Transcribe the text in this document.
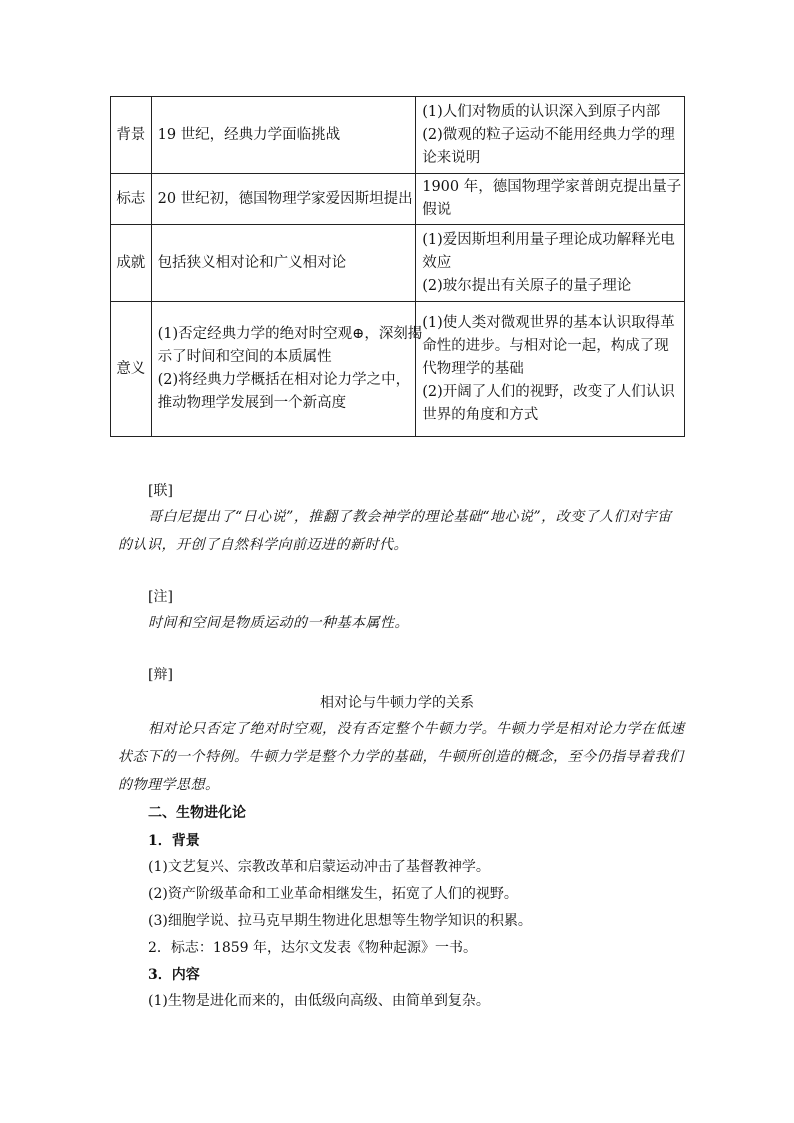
背景	19 世纪，经典力学面临挑战	(1)人们对物质的认识深入到原子内部
(2)微观的粒子运动不能用经典力学的理
论来说明

标志	20 世纪初，德国物理学家爱因斯坦提出	1900 年，德国物理学家普朗克提出量子
假说

成就	包括狭义相对论和广义相对论	(1)爱因斯坦利用量子理论成功解释光电
效应
(2)玻尔提出有关原子的量子理论

意义	(1)否定经典力学的绝对时空观⊕，深刻揭
示了时间和空间的本质属性
(2)将经典力学概括在相对论力学之中，
推动物理学发展到一个新高度	(1)使人类对微观世界的基本认识取得革
命性的进步。与相对论一起，构成了现
代物理学的基础
(2)开阔了人们的视野，改变了人们认识
世界的角度和方式
[联]
哥白尼提出了“日心说”，推翻了教会神学的理论基础“地心说”，改变了人们对宇宙
的认识，开创了自然科学向前迈进的新时代。
[注]
时间和空间是物质运动的一种基本属性。
[辩]
相对论与牛顿力学的关系
相对论只否定了绝对时空观，没有否定整个牛顿力学。牛顿力学是相对论力学在低速
状态下的一个特例。牛顿力学是整个力学的基础，牛顿所创造的概念，至今仍指导着我们
的物理学思想。
二、生物进化论
1．背景
(1)文艺复兴、宗教改革和启蒙运动冲击了基督教神学。
(2)资产阶级革命和工业革命相继发生，拓宽了人们的视野。
(3)细胞学说、拉马克早期生物进化思想等生物学知识的积累。
2．标志：1859 年，达尔文发表《物种起源》一书。
3．内容
(1)生物是进化而来的，由低级向高级、由简单到复杂。
